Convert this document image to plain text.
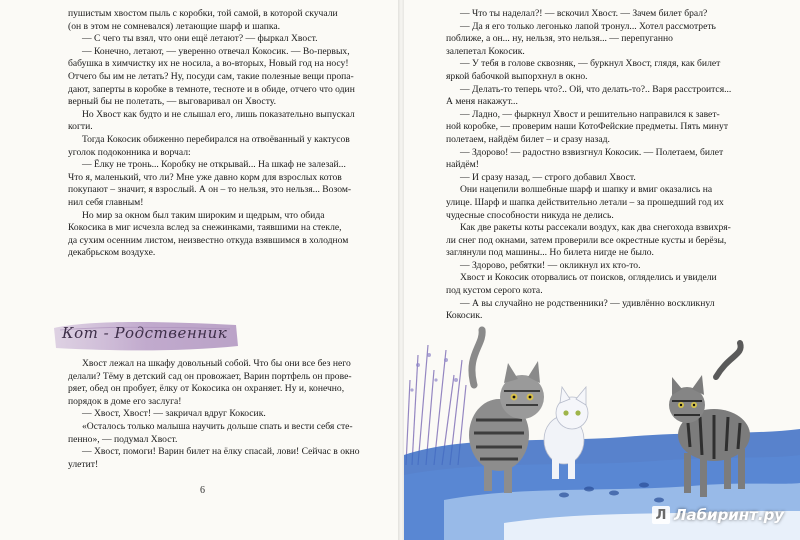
пушистым хвостом пыль с коробки, той самой, в которой скучали

(он в этом не сомневался) летающие шарф и шапка.

— С чего ты взял, что они ещё летают? — фыркал Хвост.

— Конечно, летают, — уверенно отвечал Кокосик. — Во-первых,

бабушка в химчистку их не носила, а во-вторых, Новый год на носу!

Отчего бы им не летать? Ну, посуди сам, такие полезные вещи пропа-

дают, заперты в коробке в темноте, тесноте и в обиде, отчего что один

верный бы не полетать, — выговаривал он Хвосту.

Но Хвост как будто и не слышал его, лишь показательно выпускал

когти.

Тогда Кокосик обиженно перебирался на отвоёванный у кактусов

уголок подоконника и ворчал:

— Ёлку не тронь... Коробку не открывай... На шкаф не залезай...

Что я, маленький, что ли? Мне уже давно корм для взрослых котов

покупают – значит, я взрослый. А он – то нельзя, это нельзя... Возом-

нил себя главным!

Но мир за окном был таким широким и щедрым, что обида

Кокосика в миг исчезла вслед за снежинками, таявшими на стекле,

да сухим осенним листом, неизвестно откуда взявшимся в холодном

декабрьском воздухе.

Кот - Родственник

Хвост лежал на шкафу довольный собой. Что бы они все без него

делали? Тёму в детский сад он провожает, Варин портфель он прове-

ряет, обед он пробует, ёлку от Кокосика он охраняет. Ну и, конечно,

порядок в доме его заслуга!

— Хвост, Хвост! — закричал вдруг Кокосик.

«Осталось только малыша научить дольше спать и вести себя сте-

пенно», — подумал Хвост.

— Хвост, помоги! Варин билет на ёлку спасай, лови! Сейчас в окно

улетит!

6

— Что ты наделал?! — вскочил Хвост. — Зачем билет брал?

— Да я его только легонько лапой тронул... Хотел рассмотреть

поближе, а он... ну, нельзя, это нельзя... — перепуганно

залепетал Кокосик.

— У тебя в голове сквозняк, — буркнул Хвост, глядя, как билет

яркой бабочкой выпорхнул в окно.

— Делать-то теперь что?.. Ой, что делать-то?.. Варя расстроится...

А меня накажут...

— Ладно, — фыркнул Хвост и решительно направился к завет-

ной коробке, — проверим наши КотоФейские предметы. Пять минут

полетаем, найдём билет – и сразу назад.

— Здорово! — радостно взвизгнул Кокосик. — Полетаем, билет

найдём!

— И сразу назад, — строго добавил Хвост.

Они нацепили волшебные шарф и шапку и вмиг оказались на

улице. Шарф и шапка действительно летали – за прошедший год их

чудесные способности никуда не делись.

Как две ракеты коты рассекали воздух, как два снегохода взвихря-

ли снег под окнами, затем проверили все окрестные кусты и берёзы,

заглянули под машины... Но билета нигде не было.

— Здорово, ребятки! — окликнул их кто-то.

Хвост и Кокосик оторвались от поисков, огляделись и увидели

под кустом серого кота.

— А вы случайно не родственники? — удивлённо воскликнул

Кокосик.

Л Лабиринт.ру
